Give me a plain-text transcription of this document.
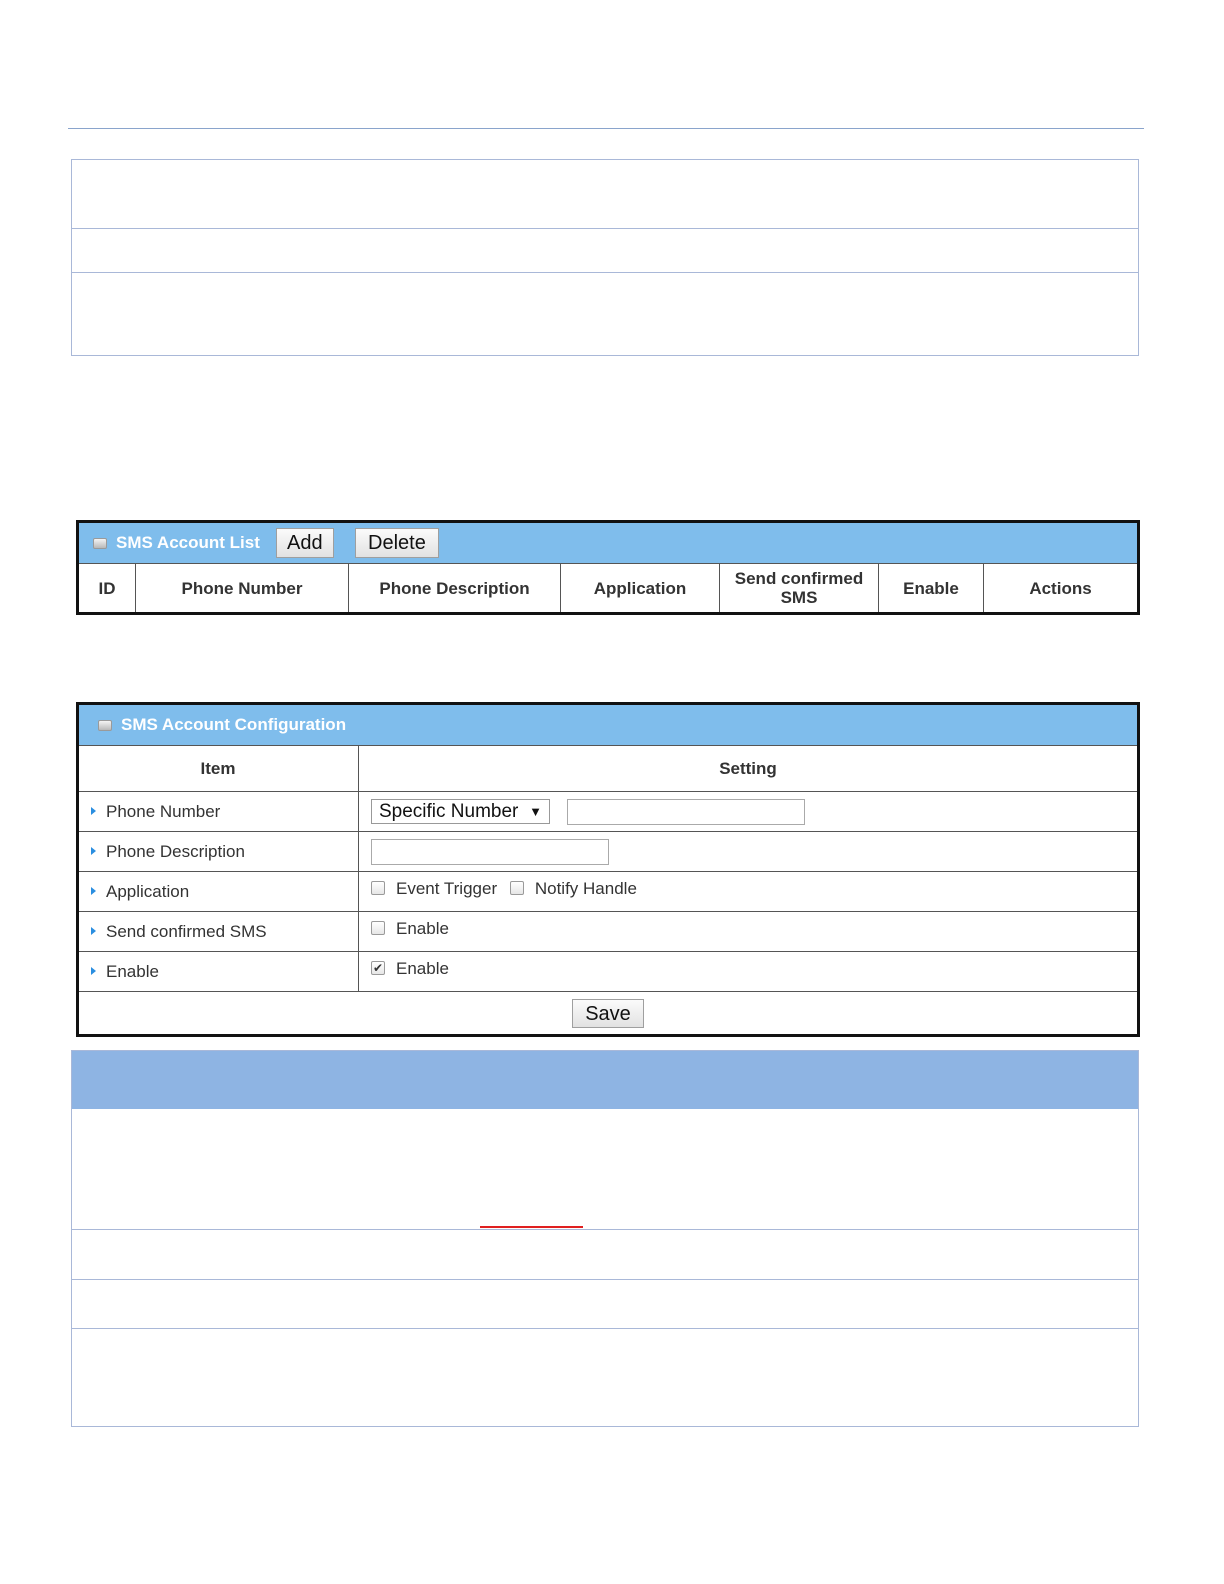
SMS Account List	Add	Delete
ID	Phone Number	Phone Description	Application	Send confirmed SMS	Enable	Actions
SMS Account Configuration
Item	Setting
Phone Number	Specific Number ▼

Phone Description	
Application	Event Trigger Notify Handle
Send confirmed SMS	Enable
Enable	✔ Enable
Save	
